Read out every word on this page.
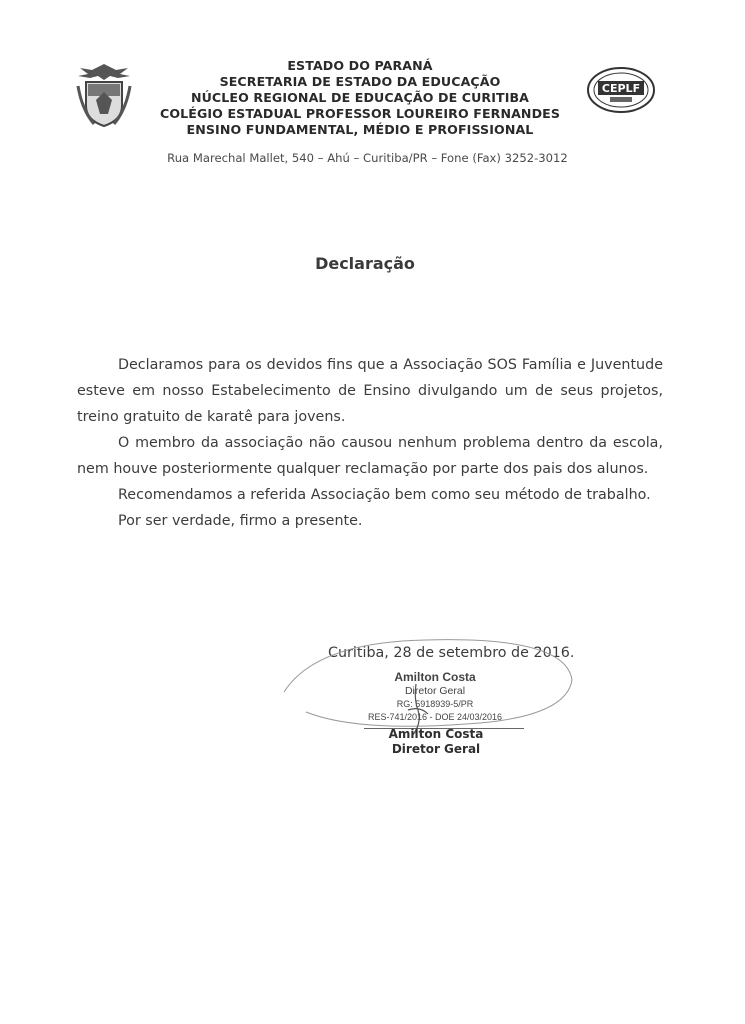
CEPLF
ESTADO DO PARANÁ
SECRETARIA DE ESTADO DA EDUCAÇÃO
NÚCLEO REGIONAL DE EDUCAÇÃO DE CURITIBA
COLÉGIO ESTADUAL PROFESSOR LOUREIRO FERNANDES
ENSINO FUNDAMENTAL, MÉDIO E PROFISSIONAL
Rua Marechal Mallet, 540 – Ahú – Curitiba/PR – Fone (Fax) 3252-3012
Declaração

Declaramos para os devidos fins que a Associação SOS Família e Juventude esteve em nosso Estabelecimento de Ensino divulgando um de seus projetos, treino gratuito de karatê para jovens.

O membro da associação não causou nenhum problema dentro da escola, nem houve posteriormente qualquer reclamação por parte dos pais dos alunos.

Recomendamos a referida Associação bem como seu método de trabalho.

Por ser verdade, firmo a presente.

Curitiba, 28 de setembro de 2016.
Amilton Costa
Diretor Geral
RG: 5918939-5/PR
RES-741/2016 - DOE 24/03/2016
Amilton Costa
Diretor Geral
